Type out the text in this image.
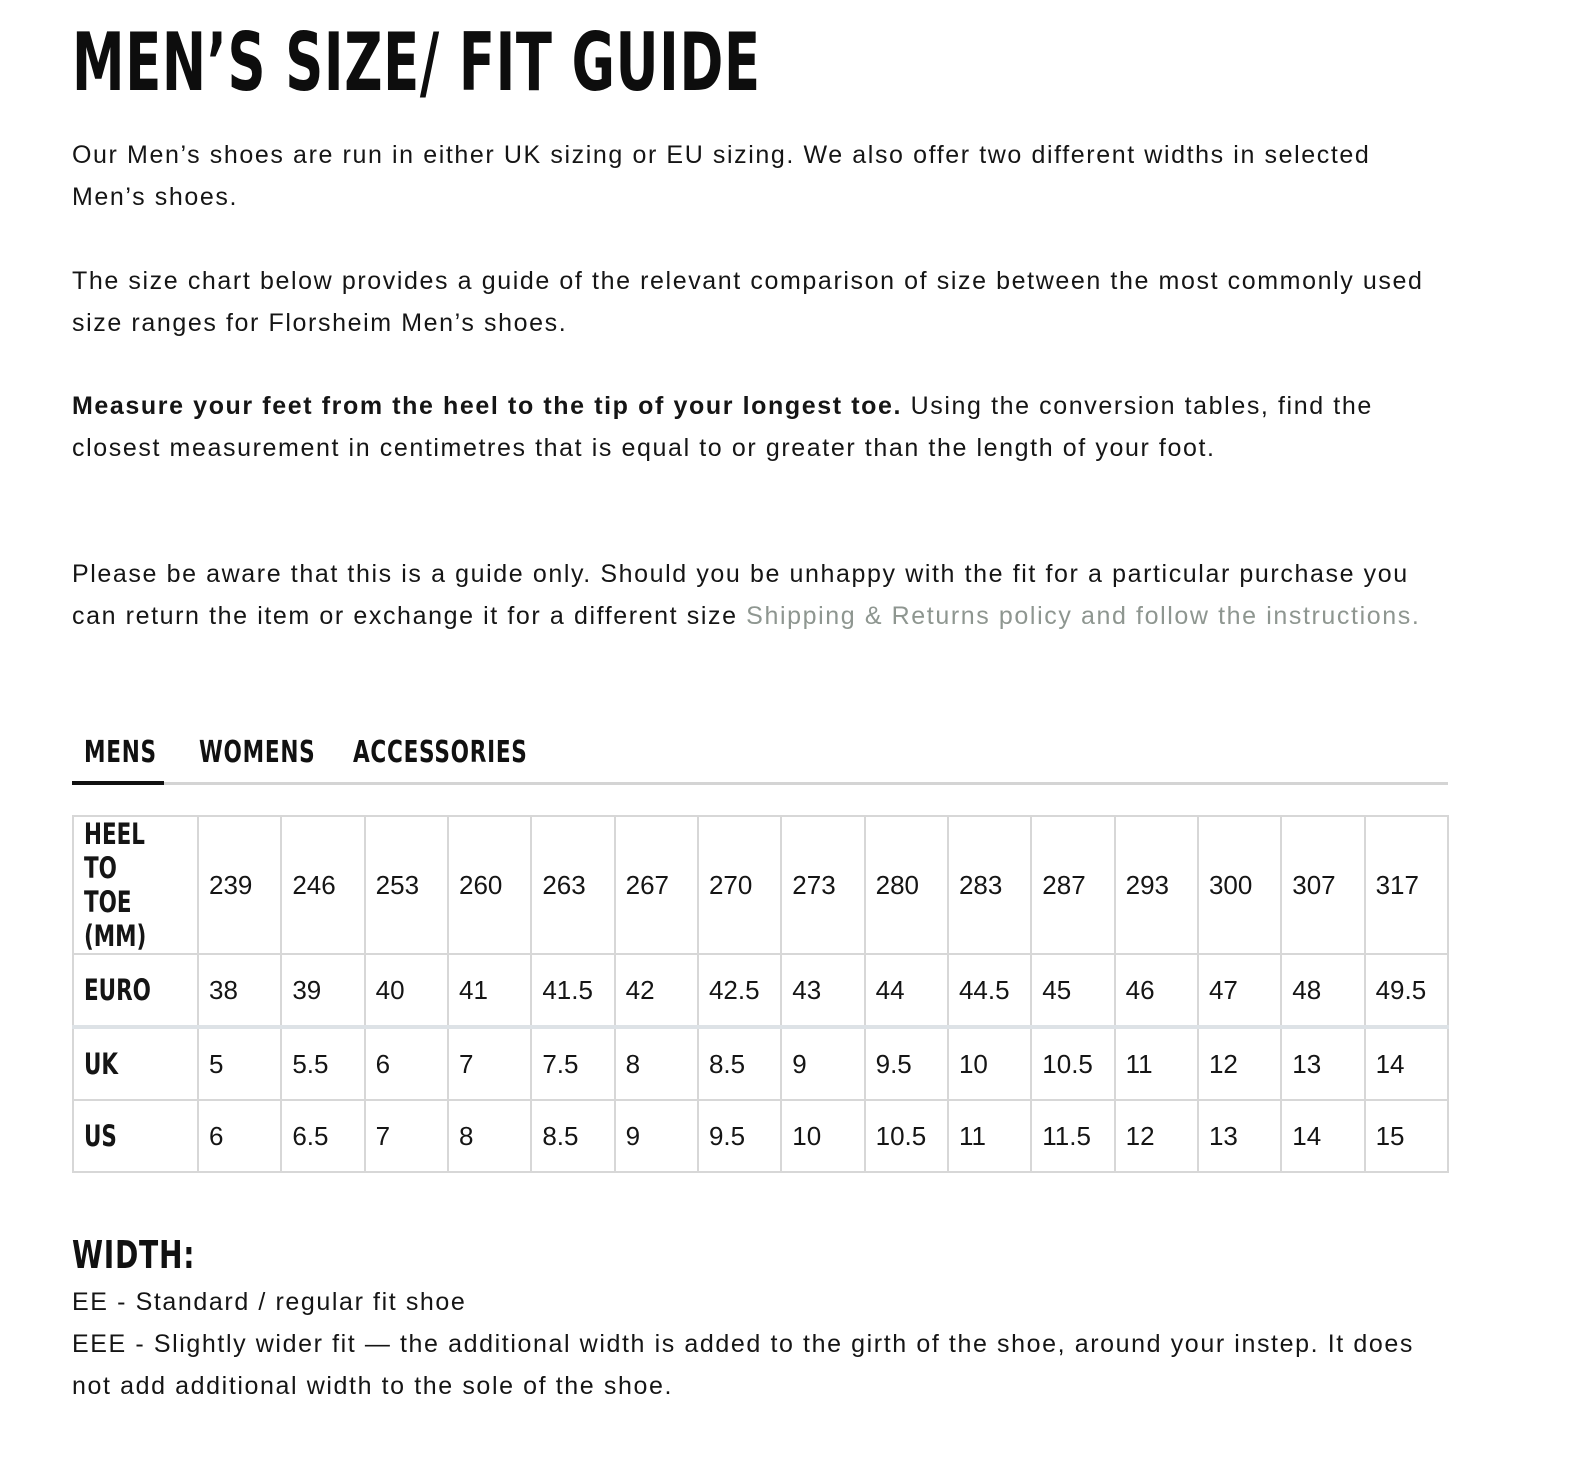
MEN’S SIZE/ FIT GUIDE

Our Men’s shoes are run in either UK sizing or EU sizing. We also offer two different widths in selected Men’s shoes.

The size chart below provides a guide of the relevant comparison of size between the most commonly used size ranges for Florsheim Men’s shoes.

Measure your feet from the heel to the tip of your longest toe. Using the conversion tables, find the closest measurement in centimetres that is equal to or greater than the length of your foot.

Please be aware that this is a guide only. Should you be unhappy with the fit for a particular purchase you can return the item or exchange it for a different size Shipping & Returns policy and follow the instructions.

MENS WOMENS	ACCESSORIES
HEEL TO TOE (MM)	239	246	253	260	263	267	270	273	280	283	287	293	300	307	317
EURO	38	39	40	41	41.5	42	42.5	43	44	44.5	45	46	47	48	49.5
UK	5	5.5	6	7	7.5	8	8.5	9	9.5	10	10.5	11	12	13	14
US	6	6.5	7	8	8.5	9	9.5	10	10.5	11	11.5	12	13	14	15
WIDTH:

EE - Standard / regular fit shoe

EEE - Slightly wider fit — the additional width is added to the girth of the shoe, around your instep. It does not add additional width to the sole of the shoe.
